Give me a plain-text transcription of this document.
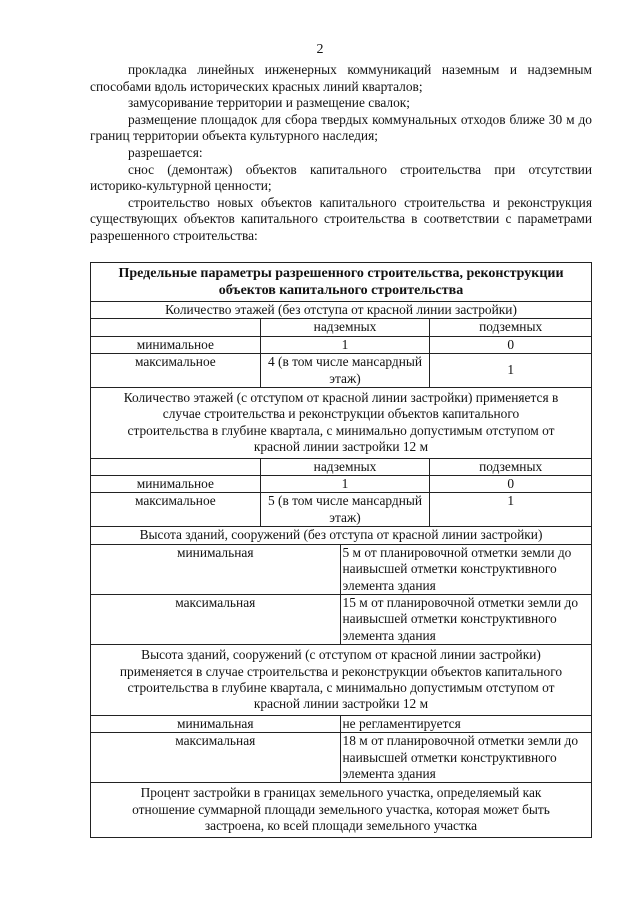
2

прокладка линейных инженерных коммуникаций наземным и надземным способами вдоль исторических красных линий кварталов;

замусоривание территории и размещение свалок;

размещение площадок для сбора твердых коммунальных отходов ближе 30 м до границ территории объекта культурного наследия;

разрешается:

снос (демонтаж) объектов капитального строительства при отсутствии историко-культурной ценности;

строительство новых объектов капитального строительства и реконструкция существующих объектов капитального строительства в соответствии с параметрами разрешенного строительства:

Предельные параметры разрешенного строительства, реконструкции объектов капитального строительства			
Количество этажей (без отступа от красной линии застройки)			
	надземных		подземных
минимальное	1		0
максимальное	4 (в том числе мансардный этаж)		1
Количество этажей (с отступом от красной линии застройки) применяется в случае строительства и реконструкции объектов капитального строительства в глубине квартала, с минимально допустимым отступом от красной линии застройки 12 м			
	надземных		подземных
минимальное	1		0
максимальное	5 (в том числе мансардный этаж)		1
Высота зданий, сооружений (без отступа от красной линии застройки)			
минимальная		5 м от планировочной отметки земли до наивысшей отметки конструктивного элемента здания	
максимальная		15 м от планировочной отметки земли до наивысшей отметки конструктивного элемента здания	
Высота зданий, сооружений (с отступом от красной линии застройки) применяется в случае строительства и реконструкции объектов капитального строительства в глубине квартала, с минимально допустимым отступом от красной линии застройки 12 м			
минимальная		не регламентируется	
максимальная		18 м от планировочной отметки земли до наивысшей отметки конструктивного элемента здания	
Процент застройки в границах земельного участка, определяемый как отношение суммарной площади земельного участка, которая может быть застроена, ко всей площади земельного участка			
